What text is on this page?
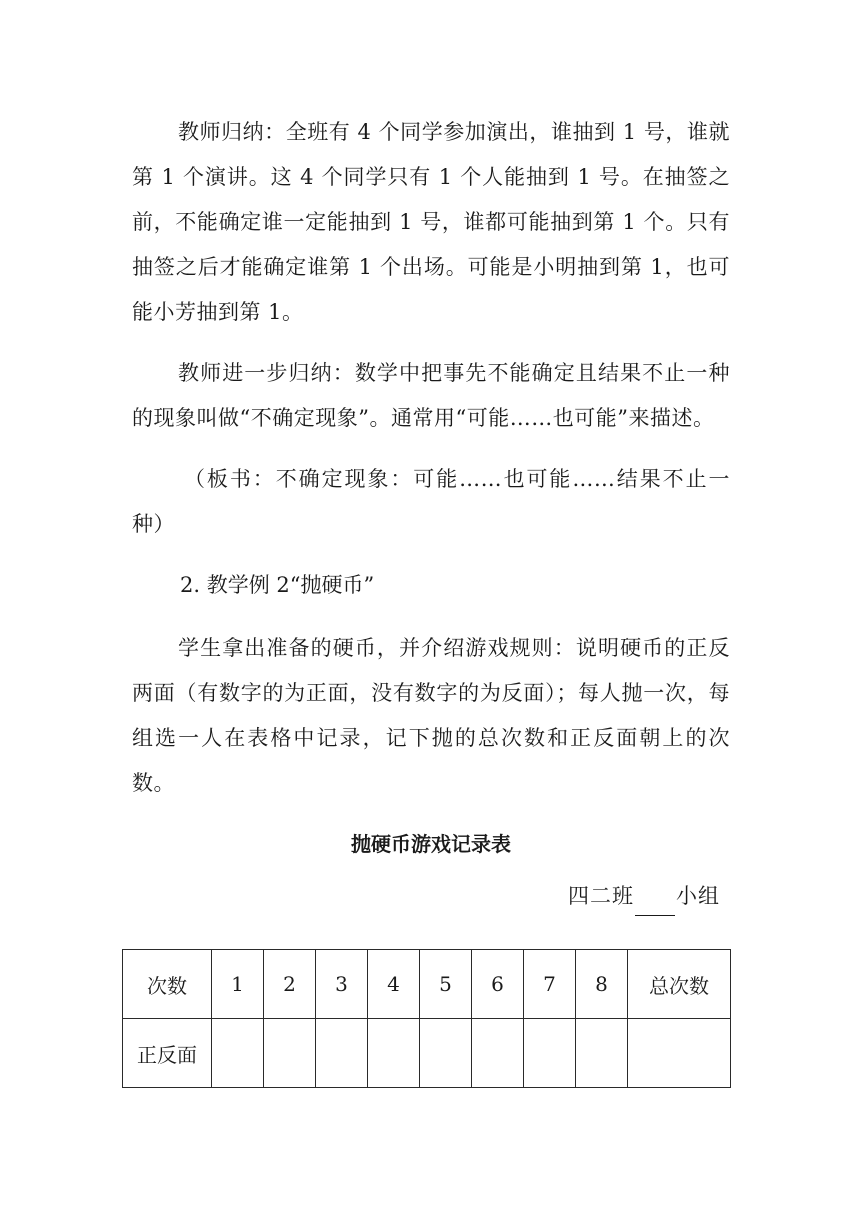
教师归纳：全班有 4 个同学参加演出，谁抽到 1 号，谁就第 1 个演讲。这 4 个同学只有 1 个人能抽到 1 号。在抽签之前，不能确定谁一定能抽到 1 号，谁都可能抽到第 1 个。只有抽签之后才能确定谁第 1 个出场。可能是小明抽到第 1，也可能小芳抽到第 1。

教师进一步归纳：数学中把事先不能确定且结果不止一种的现象叫做“不确定现象”。通常用“可能……也可能”来描述。

（板书：不确定现象：可能……也可能……结果不止一种）

2. 教学例 2“抛硬币”

学生拿出准备的硬币，并介绍游戏规则：说明硬币的正反两面（有数字的为正面，没有数字的为反面）；每人抛一次，每组选一人在表格中记录，记下抛的总次数和正反面朝上的次数。

抛硬币游戏记录表
四二班 小组
次数	1	2	3	4	5	6	7	8	总次数
正反面									
